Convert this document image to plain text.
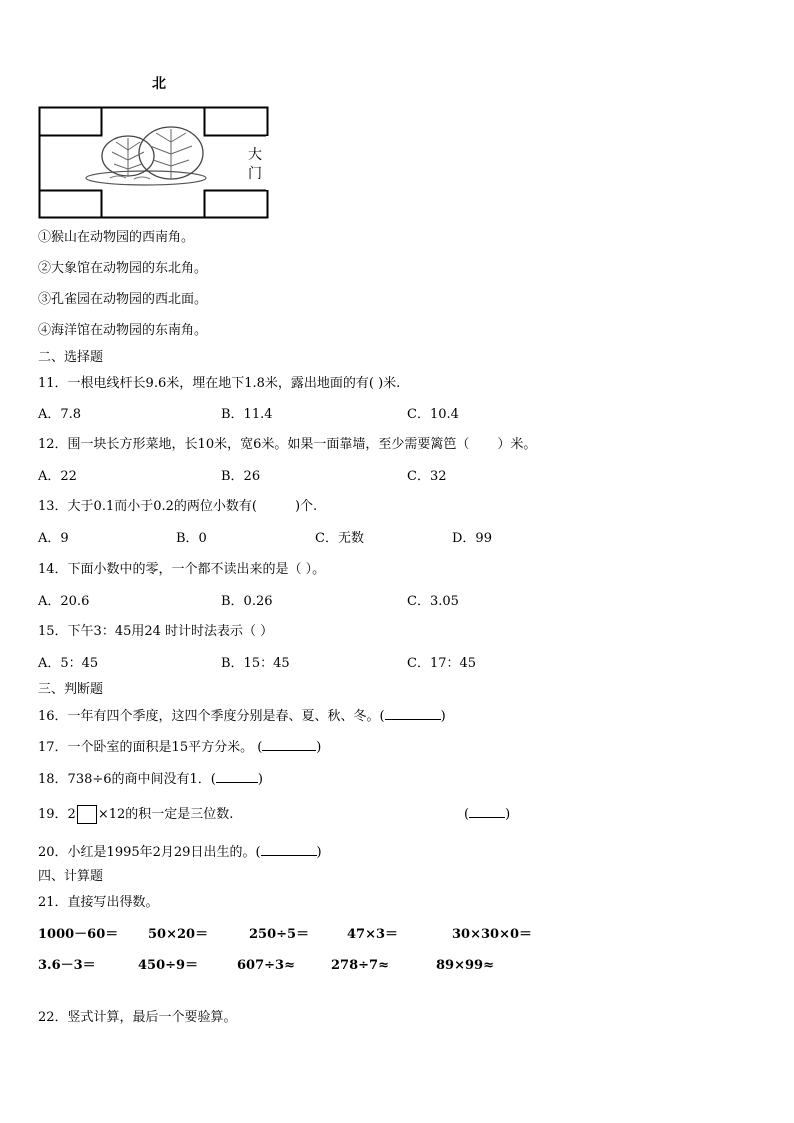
北
大
门
①猴山在动物园的西南角。
②大象馆在动物园的东北角。
③孔雀园在动物园的西北面。
④海洋馆在动物园的东南角。
二、选择题
11．一根电线杆长9.6米，埋在地下1.8米，露出地面的有( )米.
A．7.8	B．11.4	C．10.4
12．围一块长方形菜地，长10米，宽6米。如果一面靠墙，至少需要篱笆（ ）米。
A．22	B．26	C．32
13．大于0.1而小于0.2的两位小数有(	)个.
A．9	B．0	C．无数	D．99
14．下面小数中的零，一个都不读出来的是（ ）。
A．20.6	B．0.26	C．3.05
15．下午3：45用24 时计时法表示（ ）
A．5：45	B．15：45	C．17：45
三、判断题
16．一年有四个季度，这四个季度分别是春、夏、秋、冬。(	)
17．一个卧室的面积是15平方分米。 (	)
18．738÷6的商中间没有1．(	)
19．2 ×12的积一定是三位数.	(	)
20．小红是1995年2月29日出生的。(	)
四、计算题
21．直接写出得数。
1000－60＝ 50×20＝	250÷5＝	47×3＝	30×30×0＝
3.6－3＝	450÷9＝	607÷3≈	278÷7≈	89×99≈
22．竖式计算，最后一个要验算。
